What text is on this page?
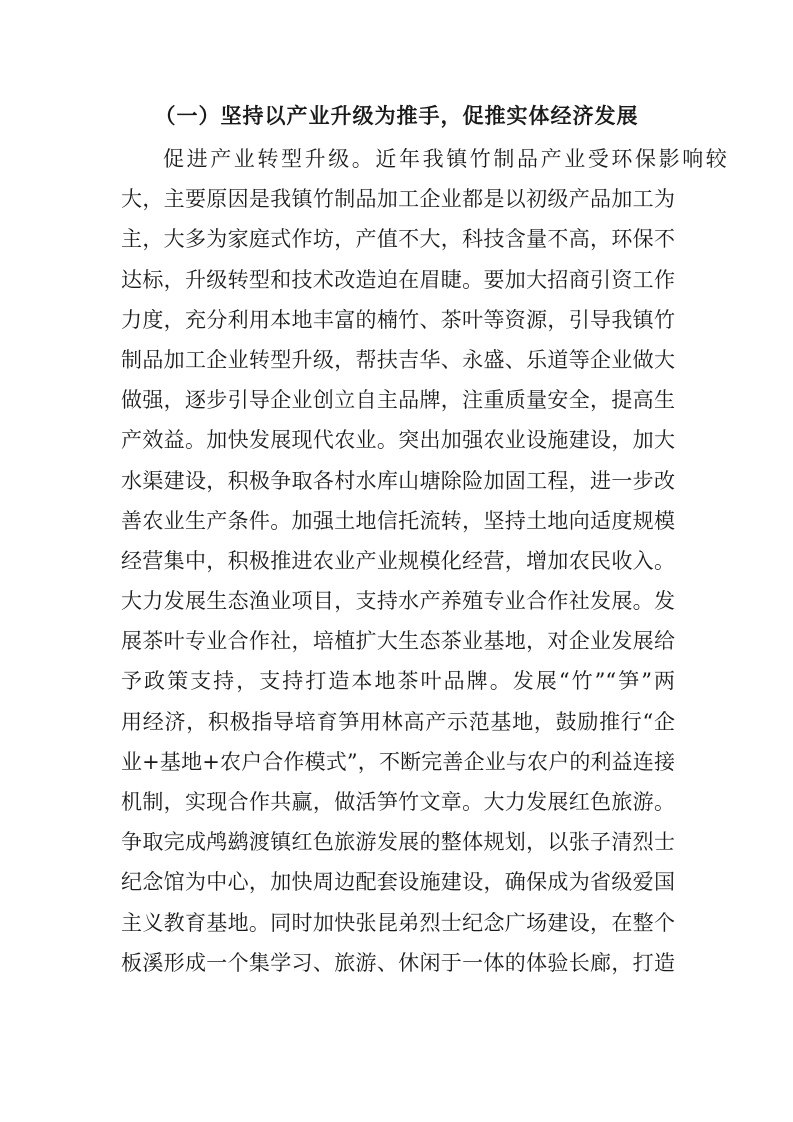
（一）坚持以产业升级为推手，促推实体经济发展
促进产业转型升级。近年我镇竹制品产业受环保影响较
大，主要原因是我镇竹制品加工企业都是以初级产品加工为
主，大多为家庭式作坊，产值不大，科技含量不高，环保不
达标，升级转型和技术改造迫在眉睫。要加大招商引资工作
力度，充分利用本地丰富的楠竹、茶叶等资源，引导我镇竹
制品加工企业转型升级，帮扶吉华、永盛、乐道等企业做大
做强，逐步引导企业创立自主品牌，注重质量安全，提高生
产效益。加快发展现代农业。突出加强农业设施建设，加大
水渠建设，积极争取各村水库山塘除险加固工程，进一步改
善农业生产条件。加强土地信托流转，坚持土地向适度规模
经营集中，积极推进农业产业规模化经营，增加农民收入。
大力发展生态渔业项目，支持水产养殖专业合作社发展。发
展茶叶专业合作社，培植扩大生态茶业基地，对企业发展给
予政策支持，支持打造本地茶叶品牌。发展“竹”“笋”两
用经济，积极指导培育笋用林高产示范基地，鼓励推行“企
业+基地+农户合作模式”，不断完善企业与农户的利益连接
机制，实现合作共赢，做活笋竹文章。大力发展红色旅游。
争取完成鸬鹚渡镇红色旅游发展的整体规划，以张子清烈士
纪念馆为中心，加快周边配套设施建设，确保成为省级爱国
主义教育基地。同时加快张昆弟烈士纪念广场建设，在整个
板溪形成一个集学习、旅游、休闲于一体的体验长廊，打造
